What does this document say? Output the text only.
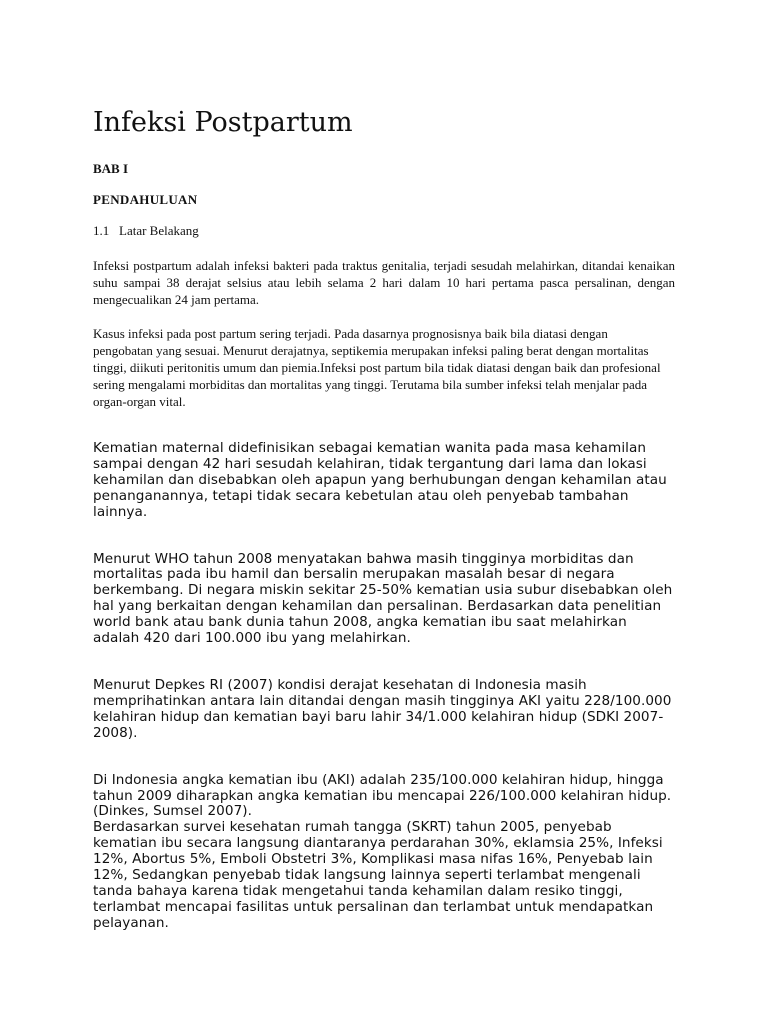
Infeksi Postpartum
BAB I
PENDAHULUAN
1.1 Latar Belakang

Infeksi postpartum adalah infeksi bakteri pada traktus genitalia, terjadi sesudah melahirkan, ditandai kenaikan suhu sampai 38 derajat selsius atau lebih selama 2 hari dalam 10 hari pertama pasca persalinan, dengan mengecualikan 24 jam pertama.

Kasus infeksi pada post partum sering terjadi. Pada dasarnya prognosisnya baik bila diatasi dengan pengobatan yang sesuai. Menurut derajatnya, septikemia merupakan infeksi paling berat dengan mortalitas tinggi, diikuti peritonitis umum dan piemia.Infeksi post partum bila tidak diatasi dengan baik dan profesional sering mengalami morbiditas dan mortalitas yang tinggi. Terutama bila sumber infeksi telah menjalar pada organ-organ vital.

Kematian maternal didefinisikan sebagai kematian wanita pada masa kehamilan sampai dengan 42 hari sesudah kelahiran, tidak tergantung dari lama dan lokasi kehamilan dan disebabkan oleh apapun yang berhubungan dengan kehamilan atau penanganannya, tetapi tidak secara kebetulan atau oleh penyebab tambahan lainnya.

Menurut WHO tahun 2008 menyatakan bahwa masih tingginya morbiditas dan mortalitas pada ibu hamil dan bersalin merupakan masalah besar di negara berkembang. Di negara miskin sekitar 25-50% kematian usia subur disebabkan oleh hal yang berkaitan dengan kehamilan dan persalinan. Berdasarkan data penelitian world bank atau bank dunia tahun 2008, angka kematian ibu saat melahirkan adalah 420 dari 100.000 ibu yang melahirkan.

Menurut Depkes RI (2007) kondisi derajat kesehatan di Indonesia masih memprihatinkan antara lain ditandai dengan masih tingginya AKI yaitu 228/100.000 kelahiran hidup dan kematian bayi baru lahir 34/1.000 kelahiran hidup (SDKI 2007-2008).

Di Indonesia angka kematian ibu (AKI) adalah 235/100.000 kelahiran hidup, hingga tahun 2009 diharapkan angka kematian ibu mencapai 226/100.000 kelahiran hidup. (Dinkes, Sumsel 2007).

Berdasarkan survei kesehatan rumah tangga (SKRT) tahun 2005, penyebab kematian ibu secara langsung diantaranya perdarahan 30%, eklamsia 25%, Infeksi 12%, Abortus 5%, Emboli Obstetri 3%, Komplikasi masa nifas 16%, Penyebab lain 12%, Sedangkan penyebab tidak langsung lainnya seperti terlambat mengenali tanda bahaya karena tidak mengetahui tanda kehamilan dalam resiko tinggi, terlambat mencapai fasilitas untuk persalinan dan terlambat untuk mendapatkan pelayanan.
